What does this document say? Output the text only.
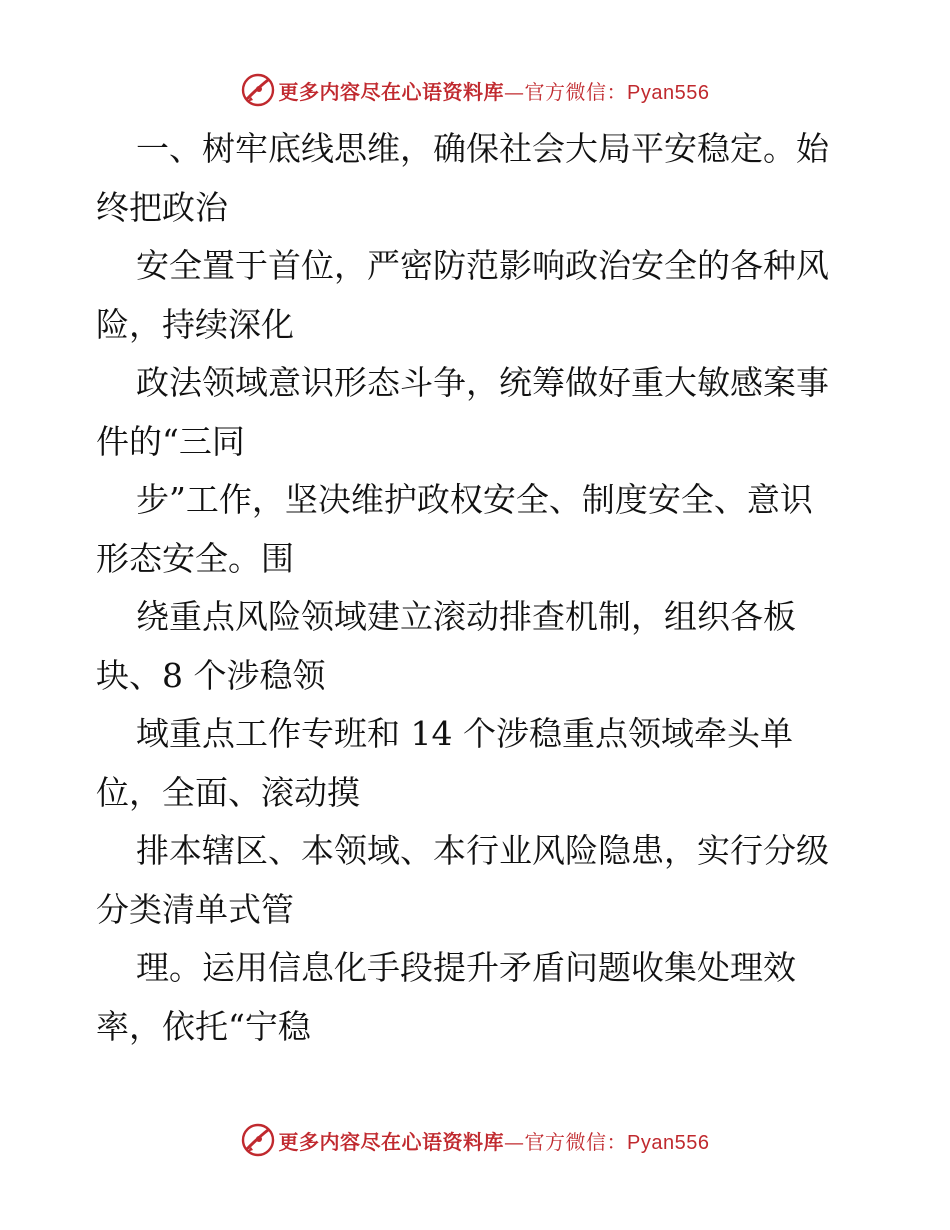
更多内容尽在心语资料库—官方微信：Pyan556
一、树牢底线思维，确保社会大局平安稳定。始
终把政治
安全置于首位，严密防范影响政治安全的各种风
险，持续深化
政法领域意识形态斗争，统筹做好重大敏感案事
件的“三同
步”工作，坚决维护政权安全、制度安全、意识
形态安全。围
绕重点风险领域建立滚动排查机制，组织各板
块、8 个涉稳领
域重点工作专班和 14 个涉稳重点领域牵头单
位，全面、滚动摸
排本辖区、本领域、本行业风险隐患，实行分级
分类清单式管
理。运用信息化手段提升矛盾问题收集处理效
率，依托“宁稳
更多内容尽在心语资料库—官方微信：Pyan556
